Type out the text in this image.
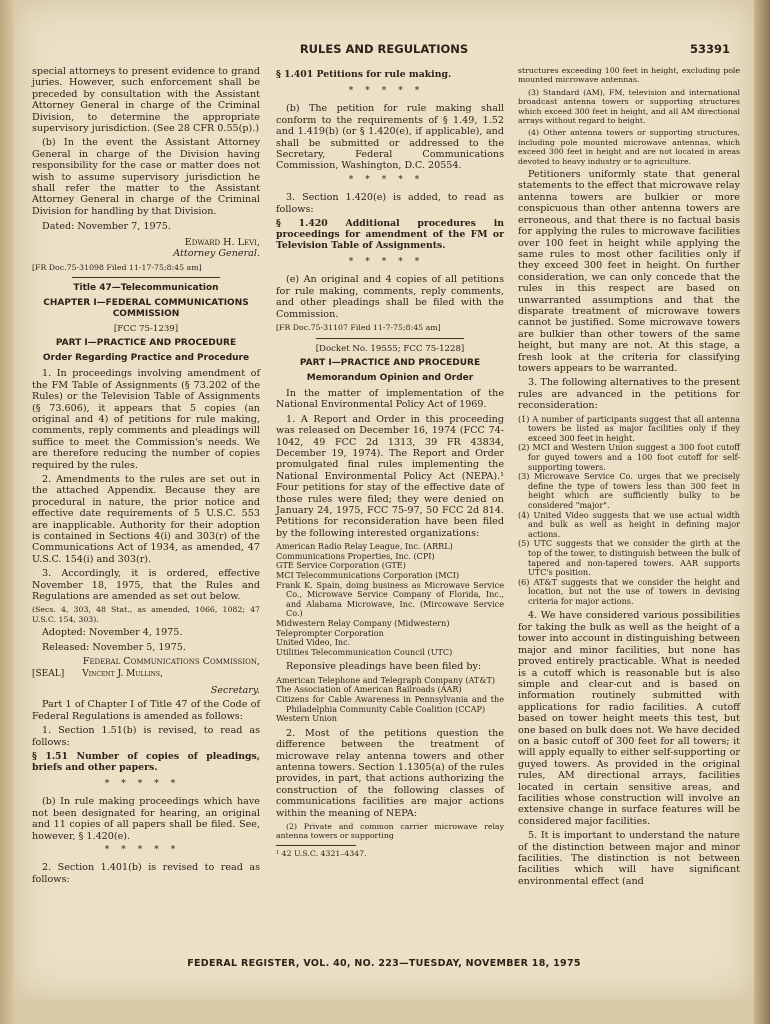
RULES AND REGULATIONS	53391

special attorneys to present evidence to grand juries. However, such enforcement shall be preceded by consultation with the Assistant Attorney General in charge of the Criminal Division, to determine the appropriate supervisory jurisdiction. (See 28 CFR 0.55(p).)

(b) In the event the Assistant Attorney General in charge of the Division having responsibility for the case or matter does not wish to assume supervisory jurisdiction he shall refer the matter to the Assistant Attorney General in charge of the Criminal Division for handling by that Division.

Dated: November 7, 1975.

Edward H. Levi,

Attorney General.

[FR Doc.75-31098 Filed 11-17-75;8:45 am]

Title 47—Telecommunication

CHAPTER I—FEDERAL COMMUNICATIONS COMMISSION

[FCC 75-1239]

PART I—PRACTICE AND PROCEDURE

Order Regarding Practice and Procedure

1. In proceedings involving amendment of the FM Table of Assignments (§ 73.202 of the Rules) or the Television Table of Assignments (§ 73.606), it appears that 5 copies (an original and 4) of petitions for rule making, comments, reply comments and pleadings will suffice to meet the Commission's needs. We are therefore reducing the number of copies required by the rules.

2. Amendments to the rules are set out in the attached Appendix. Because they are procedural in nature, the prior notice and effective date requirements of 5 U.S.C. 553 are inapplicable. Authority for their adoption is contained in Sections 4(i) and 303(r) of the Communications Act of 1934, as amended, 47 U.S.C. 154(i) and 303(r).

3. Accordingly, it is ordered, effective November 18, 1975, that the Rules and Regulations are amended as set out below.

(Secs. 4, 303, 48 Stat., as amended, 1066, 1082; 47 U.S.C. 154, 303).

Adopted: November 4, 1975.

Released: November 5, 1975.

Federal Communications Commission,

[SEAL] Vincent J. Mullins,

Secretary.

Part 1 of Chapter I of Title 47 of the Code of Federal Regulations is amended as follows:

1. Section 1.51(b) is revised, to read as follows:

§ 1.51 Number of copies of pleadings, briefs and other papers.

*****

(b) In rule making proceedings which have not been designated for hearing, an original and 11 copies of all papers shall be filed. See, however, § 1.420(e).

*****

2. Section 1.401(b) is revised to read as follows:

§ 1.401 Petitions for rule making.

*****

(b) The petition for rule making shall conform to the requirements of § 1.49, 1.52 and 1.419(b) (or § 1.420(e), if applicable), and shall be submitted or addressed to the Secretary, Federal Communications Commission, Washington, D.C. 20554.

*****

3. Section 1.420(e) is added, to read as follows:

§ 1.420 Additional procedures in proceedings for amendment of the FM or Television Table of Assignments.

*****

(e) An original and 4 copies of all petitions for rule making, comments, reply comments, and other pleadings shall be filed with the Commission.

[FR Doc.75-31107 Filed 11-7-75;8:45 am]

[Docket No. 19555; FCC 75-1228]

PART I—PRACTICE AND PROCEDURE

Memorandum Opinion and Order

In the matter of implementation of the National Environmental Policy Act of 1969.

1. A Report and Order in this proceeding was released on December 16, 1974 (FCC 74-1042, 49 FCC 2d 1313, 39 FR 43834, December 19, 1974). The Report and Order promulgated final rules implementing the National Environmental Policy Act (NEPA).¹ Four petitions for stay of the effective date of those rules were filed; they were denied on January 24, 1975, FCC 75-97, 50 FCC 2d 814. Petitions for reconsideration have been filed by the following interested organizations:

American Radio Relay League, Inc. (ARRL)
Communications Properties, Inc. (CPI)
GTE Service Corporation (GTE)
MCI Telecommunications Corporation (MCI)
Frank K. Spain, doing business as Microwave Service Co., Microwave Service Company of Florida, Inc., and Alabama Microwave, Inc. (Mircowave Service Co.)
Midwestern Relay Company (Midwestern)
Teleprompter Corporation
United Video, Inc.
Utilities Telecommunication Council (UTC)

Reponsive pleadings have been filed by:

American Telephone and Telegraph Company (AT&T)
The Association of American Railroads (AAR)
Citizens for Cable Awareness in Pennsylvania and the Philadelphia Community Cable Coalition (CCAP)
Western Union

2. Most of the petitions question the difference between the treatment of microwave relay antenna towers and other antenna towers. Section 1.1305(a) of the rules provides, in part, that actions authorizing the construction of the following classes of communications facilities are major actions within the meaning of NEPA:

(2) Private and common carrier microwave relay antenna towers or supporting

¹ 42 U.S.C. 4321–4347.

structures exceeding 100 feet in height, excluding pole mounted microwave antennas.

(3) Standard (AM), FM, television and international broadcast antenna towers or supporting structures which exceed 300 feet in height, and all AM directional arrays without regard to height.

(4) Other antenna towers or supporting structures, including pole mounted microwave antennas, which exceed 300 feet in height and are not located in areas devoted to heavy industry or to agriculture.

Petitioners uniformly state that general statements to the effect that microwave relay antenna towers are bulkier or more conspicuous than other antenna towers are erroneous, and that there is no factual basis for applying the rules to microwave facilities over 100 feet in height while applying the same rules to most other facilities only if they exceed 300 feet in height. On further consideration, we can only concede that the rules in this respect are based on unwarranted assumptions and that the disparate treatment of microwave towers cannot be justified. Some microwave towers are bulkier than other towers of the same height, but many are not. At this stage, a fresh look at the criteria for classifying towers appears to be warranted.

3. The following alternatives to the present rules are advanced in the petitions for reconsideration:

(1) A number of participants suggest that all antenna towers be listed as major facilities only if they exceed 300 feet in height.
(2) MCI and Western Union suggest a 300 foot cutoff for guyed towers and a 100 foot cutoff for self-supporting towers.
(3) Microwave Service Co. urges that we precisely define the type of towers less than 300 feet in height which are sufficiently bulky to be considered "major".
(4) United Video suggests that we use actual width and bulk as well as height in defining major actions.
(5) UTC suggests that we consider the girth at the top of the tower, to distinguish between the bulk of tapered and non-tapered towers. AAR supports UTC's position.
(6) AT&T suggests that we consider the height and location, but not the use of towers in devising criteria for major actions.

4. We have considered various possibilities for taking the bulk as well as the height of a tower into account in distinguishing between major and minor facilities, but none has proved entirely practicable. What is needed is a cutoff which is reasonable but is also simple and clear-cut and is based on information routinely submitted with applications for radio facilities. A cutoff based on tower height meets this test, but one based on bulk does not. We have decided on a basic cutoff of 300 feet for all towers; it will apply equally to either self-supporting or guyed towers. As provided in the original rules, AM directional arrays, facilities located in certain sensitive areas, and facilities whose construction will involve an extensive change in surface features will be considered major facilities.

5. It is important to understand the nature of the distinction between major and minor facilities. The distinction is not between facilities which will have significant environmental effect (and

FEDERAL REGISTER, VOL. 40, NO. 223—TUESDAY, NOVEMBER 18, 1975
